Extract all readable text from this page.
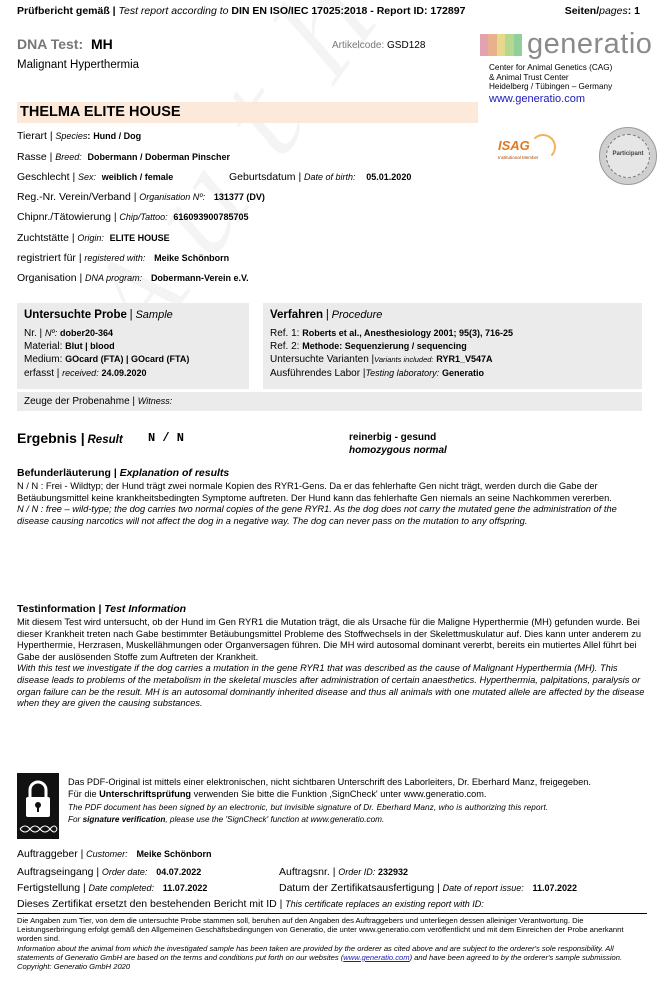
Prüfbericht gemäß | Test report according to DIN EN ISO/IEC 17025:2018 - Report ID: 172897	Seiten/pages: 1
DNA Test: MH	Artikelcode: GSD128
Malignant Hyperthermia
generatio
Center for Animal Genetics (CAG)
& Animal Trust Center
Heidelberg / Tübingen – Germany
www.generatio.com
THELMA ELITE HOUSE
ISAG
Institutional Member
Participant
Tierart | Species: Hund / Dog
Rasse | Breed: Dobermann / Doberman Pinscher
Geschlecht | Sex: weiblich / female	Geburtsdatum | Date of birth: 05.01.2020
Reg.-Nr. Verein/Verband | Organisation Nº: 131377 (DV)
Chipnr./Tätowierung | Chip/Tattoo: 616093900785705
Zuchtstätte | Origin: ELITE HOUSE
registriert für | registered with: Meike Schönborn
Organisation | DNA program: Dobermann-Verein e.V.
Untersuchte Probe | Sample
Nr. | Nº: dober20-364
Material: Blut | blood
Medium: GOcard (FTA) | GOcard (FTA)
erfasst | received: 24.09.2020
Verfahren | Procedure
Ref. 1: Roberts et al., Anesthesiology 2001; 95(3), 716-25
Ref. 2: Methode: Sequenzierung / sequencing
Untersuchte Varianten |Variants included: RYR1_V547A
Ausführendes Labor |Testing laboratory: Generatio
Zeuge der Probenahme | Witness:
Ergebnis | Result N / N	reinerbig - gesund
homozygous normal
Befunderläuterung | Explanation of results

N / N : Frei - Wildtyp; der Hund trägt zwei normale Kopien des RYR1-Gens. Da er das fehlerhafte Gen nicht trägt, werden durch die Gabe der Betäubungsmittel keine krankheitsbedingten Symptome auftreten. Der Hund kann das fehlerhafte Gen niemals an seine Nachkommen vererben.

N / N : free – wild-type; the dog carries two normal copies of the gene RYR1. As the dog does not carry the mutated gene the administration of the disease causing narcotics will not affect the dog in a negative way. The dog can never pass on the mutation to any offspring.

Testinformation | Test Information

Mit diesem Test wird untersucht, ob der Hund im Gen RYR1 die Mutation trägt, die als Ursache für die Maligne Hyperthermie (MH) gefunden wurde. Bei dieser Krankheit treten nach Gabe bestimmter Betäubungsmittel Probleme des Stoffwechsels in der Skelettmuskulatur auf. Dies kann unter anderem zu Hyperthermie, Herzrasen, Muskellähmungen oder Organversagen führen. Die MH wird autosomal dominant vererbt, bereits ein mutiertes Allel führt bei Gabe der auslösenden Stoffe zum Auftreten der Krankheit.

With this test we investigate if the dog carries a mutation in the gene RYR1 that was described as the cause of Malignant Hyperthermia (MH). This disease leads to problems of the metabolism in the skeletal muscles after administration of certain anaesthetics. Hyperthermia, palpitations, paralysis or organ failure can be the result. MH is an autosomal dominantly inherited disease and thus all animals with one mutated allele are affected by the disease when they are given the causing substances.

Das PDF-Original ist mittels einer elektronischen, nicht sichtbaren Unterschrift des Laborleiters, Dr. Eberhard Manz, freigegeben.
Für die Unterschriftsprüfung verwenden Sie bitte die Funktion ‚SignCheck' unter www.generatio.com.
The PDF document has been signed by an electronic, but invisible signature of Dr. Eberhard Manz, who is authorizing this report.
For signature verification, please use the 'SignCheck' function at www.generatio.com.
Auftraggeber | Customer: Meike Schönborn
Auftragseingang | Order date: 04.07.2022	Auftragsnr. | Order ID: 232932
Fertigstellung | Date completed: 11.07.2022	Datum der Zertifikatsausfertigung | Date of report issue: 11.07.2022
Dieses Zertifikat ersetzt den bestehenden Bericht mit ID | This certificate replaces an existing report with ID:
Die Angaben zum Tier, von dem die untersuchte Probe stammen soll, beruhen auf den Angaben des Auftraggebers und unterliegen dessen alleiniger Verantwortung. Die Leistungserbringung erfolgt gemäß den Allgemeinen Geschäftsbedingungen von Generatio, die unter www.generatio.com veröffentlicht und mit dem Einreichen der Probe anerkannt worden sind.
Information about the animal from which the investigated sample has been taken are provided by the orderer as cited above and are subject to the orderer's sole responsibility. All statements of Generatio GmbH are based on the terms and conditions put forth on our websites (www.generatio.com) and have been agreed to by the orderer's sample submission. Copyright: Generatio GmbH 2020
